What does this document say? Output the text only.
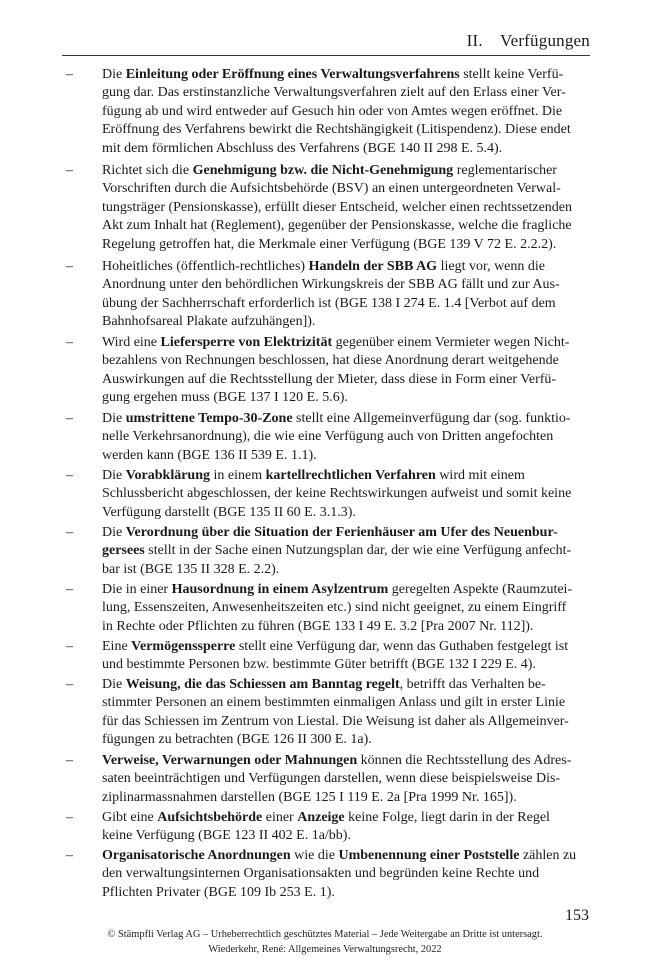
II. Verfügungen
– Die Einleitung oder Eröffnung eines Verwaltungsverfahrens stellt keine Verfü-
gung dar. Das erstinstanzliche Verwaltungsverfahren zielt auf den Erlass einer Ver-
fügung ab und wird entweder auf Gesuch hin oder von Amtes wegen eröffnet. Die
Eröffnung des Verfahrens bewirkt die Rechtshängigkeit (Litispendenz). Diese endet
mit dem förmlichen Abschluss des Verfahrens (BGE 140 II 298 E. 5.4).
– Richtet sich die Genehmigung bzw. die Nicht-Genehmigung reglementarischer
Vorschriften durch die Aufsichtsbehörde (BSV) an einen untergeordneten Verwal-
tungsträger (Pensionskasse), erfüllt dieser Entscheid, welcher einen rechtssetzenden
Akt zum Inhalt hat (Reglement), gegenüber der Pensionskasse, welche die fragliche
Regelung getroffen hat, die Merkmale einer Verfügung (BGE 139 V 72 E. 2.2.2).
– Hoheitliches (öffentlich-rechtliches) Handeln der SBB AG liegt vor, wenn die
Anordnung unter den behördlichen Wirkungskreis der SBB AG fällt und zur Aus-
übung der Sachherrschaft erforderlich ist (BGE 138 I 274 E. 1.4 [Verbot auf dem
Bahnhofsareal Plakate aufzuhängen]).
– Wird eine Liefersperre von Elektrizität gegenüber einem Vermieter wegen Nicht-
bezahlens von Rechnungen beschlossen, hat diese Anordnung derart weitgehende
Auswirkungen auf die Rechtsstellung der Mieter, dass diese in Form einer Verfü-
gung ergehen muss (BGE 137 I 120 E. 5.6).
– Die umstrittene Tempo-30-Zone stellt eine Allgemeinverfügung dar (sog. funktio-
nelle Verkehrsanordnung), die wie eine Verfügung auch von Dritten angefochten
werden kann (BGE 136 II 539 E. 1.1).
– Die Vorabklärung in einem kartellrechtlichen Verfahren wird mit einem
Schlussbericht abgeschlossen, der keine Rechtswirkungen aufweist und somit keine
Verfügung darstellt (BGE 135 II 60 E. 3.1.3).
– Die Verordnung über die Situation der Ferienhäuser am Ufer des Neuenbur-
gersees stellt in der Sache einen Nutzungsplan dar, der wie eine Verfügung anfecht-
bar ist (BGE 135 II 328 E. 2.2).
– Die in einer Hausordnung in einem Asylzentrum geregelten Aspekte (Raumzutei-
lung, Essenszeiten, Anwesenheitszeiten etc.) sind nicht geeignet, zu einem Eingriff
in Rechte oder Pflichten zu führen (BGE 133 I 49 E. 3.2 [Pra 2007 Nr. 112]).
– Eine Vermögenssperre stellt eine Verfügung dar, wenn das Guthaben festgelegt ist
und bestimmte Personen bzw. bestimmte Güter betrifft (BGE 132 I 229 E. 4).
– Die Weisung, die das Schiessen am Banntag regelt, betrifft das Verhalten be-
stimmter Personen an einem bestimmten einmaligen Anlass und gilt in erster Linie
für das Schiessen im Zentrum von Liestal. Die Weisung ist daher als Allgemeinver-
fügungen zu betrachten (BGE 126 II 300 E. 1a).
– Verweise, Verwarnungen oder Mahnungen können die Rechtsstellung des Adres-
saten beeinträchtigen und Verfügungen darstellen, wenn diese beispielsweise Dis-
ziplinarmassnahmen darstellen (BGE 125 I 119 E. 2a [Pra 1999 Nr. 165]).
– Gibt eine Aufsichtsbehörde einer Anzeige keine Folge, liegt darin in der Regel
keine Verfügung (BGE 123 II 402 E. 1a/bb).
– Organisatorische Anordnungen wie die Umbenennung einer Poststelle zählen zu
den verwaltungsinternen Organisationsakten und begründen keine Rechte und
Pflichten Privater (BGE 109 Ib 253 E. 1).
153
© Stämpfli Verlag AG – Urheberrechtlich geschütztes Material – Jede Weitergabe an Dritte ist untersagt.
Wiederkehr, René: Allgemeines Verwaltungsrecht, 2022
